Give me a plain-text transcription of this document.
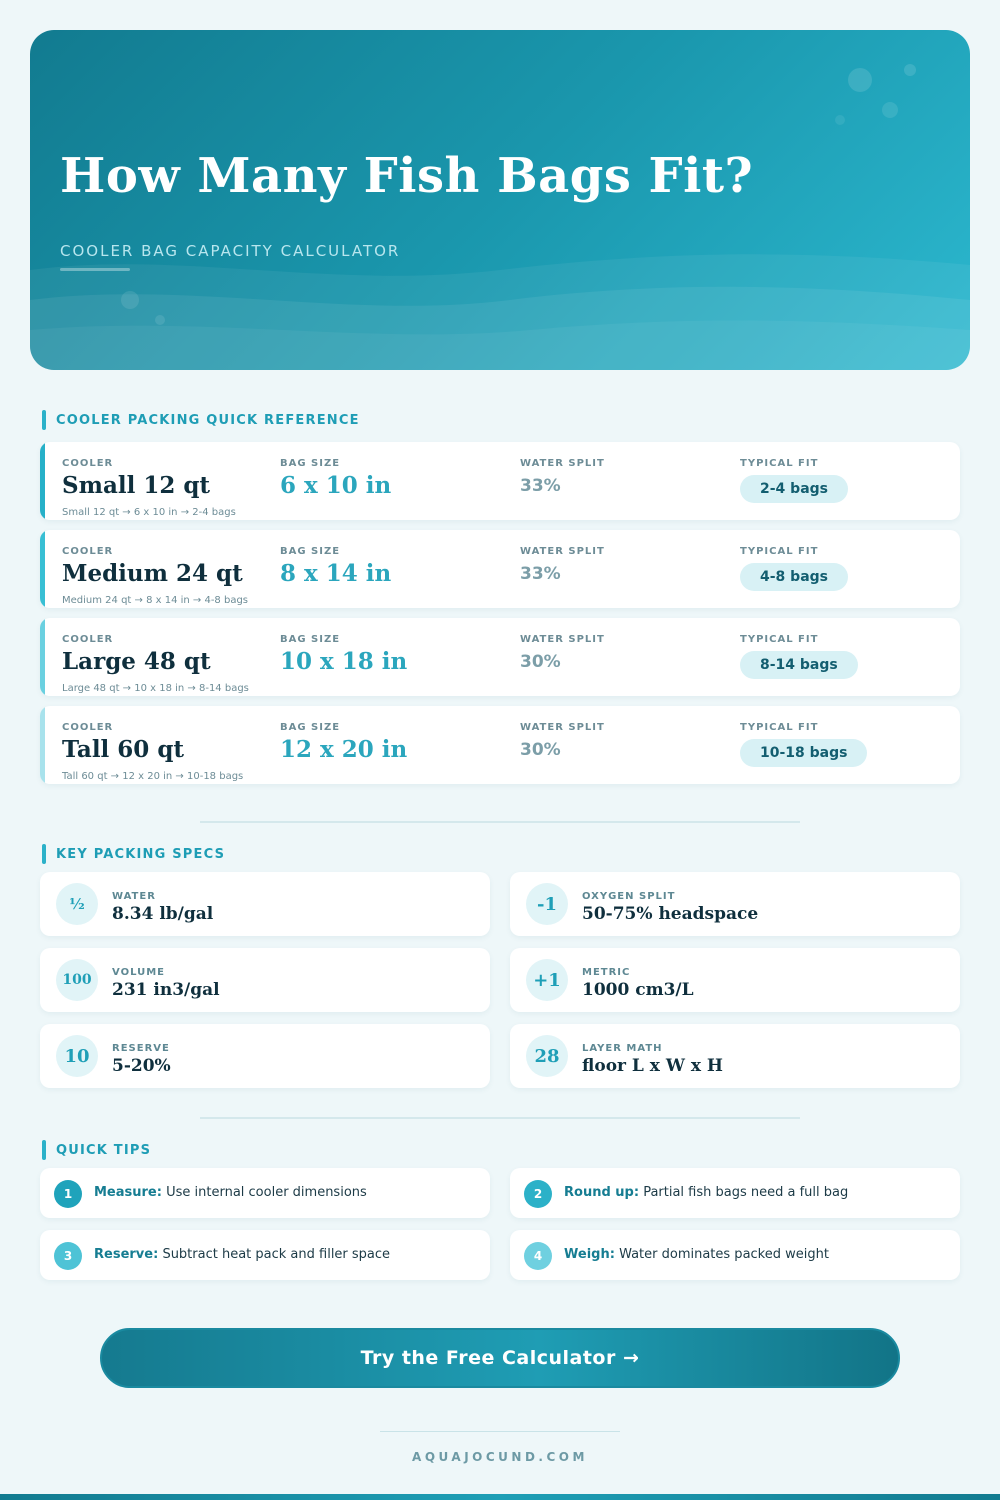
How Many Fish Bags Fit?
COOLER BAG CAPACITY CALCULATOR
COOLER PACKING QUICK REFERENCE
COOLER
Small 12 qt
BAG SIZE
6 x 10 in
WATER SPLIT
33%
TYPICAL FIT
2-4 bags
Small 12 qt → 6 x 10 in → 2-4 bags
COOLER
Medium 24 qt
BAG SIZE
8 x 14 in
WATER SPLIT
33%
TYPICAL FIT
4-8 bags
Medium 24 qt → 8 x 14 in → 4-8 bags
COOLER
Large 48 qt
BAG SIZE
10 x 18 in
WATER SPLIT
30%
TYPICAL FIT
8-14 bags
Large 48 qt → 10 x 18 in → 8-14 bags
COOLER
Tall 60 qt
BAG SIZE
12 x 20 in
WATER SPLIT
30%
TYPICAL FIT
10-18 bags
Tall 60 qt → 12 x 20 in → 10-18 bags
KEY PACKING SPECS
½	WATER
8.34 lb/gal	-1	OXYGEN SPLIT
50-75% headspace
100	VOLUME
231 in3/gal	+1	METRIC
1000 cm3/L
10	RESERVE
5-20%	28	LAYER MATH
floor L x W x H
QUICK TIPS
1	Measure: Use internal cooler dimensions	2	Round up: Partial fish bags need a full bag
3	Reserve: Subtract heat pack and filler space	4	Weigh: Water dominates packed weight
Try the Free Calculator →
AQUAJOCUND.COM
